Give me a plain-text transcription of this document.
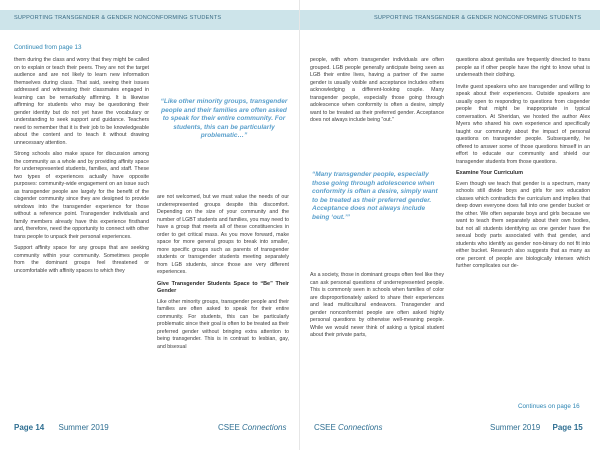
SUPPORTING TRANSGENDER & GENDER NONCONFORMING STUDENTS
Continued from page 13

them during the class and worry that they might be called on to explain or teach their peers. They are not the target audience and are not likely to learn new information themselves during class. That said, seeing their issues addressed and witnessing their classmates engaged in learning can be remarkably affirming. It is likewise affirming for students who may be questioning their gender identity but do not yet have the vocabulary or understanding to seek support and guidance. Teachers need to remember that it is their job to be knowledgeable about the content and to teach it without drawing unnecessary attention.

Strong schools also make space for discussion among the community as a whole and by providing affinity space for underrepresented students, families, and staff. These two types of experiences actually have opposite purposes: community-wide engagement on an issue such as transgender people are largely for the benefit of the cisgender community since they are designed to provide windows into the transgender experience for those without a reference point. Transgender individuals and family members already have this experience firsthand and, therefore, need the opportunity to connect with other trans people to unpack their personal experiences.

Support affinity space for any groups that are seeking community within your community. Sometimes people from the dominant groups feel threatened or uncomfortable with affinity spaces to which they

“Like other minority groups, transgender people and their families are often asked to speak for their entire community. For students, this can be particularly problematic…”

are not welcomed, but we must value the needs of our underrepresented groups despite this discomfort. Depending on the size of your community and the number of LGBT students and families, you may need to have a group that meets all of these constituencies in order to get critical mass. As you move forward, make space for more general groups to break into smaller, more specific groups such as parents of transgender students or transgender students meeting separately from LGB students, since those are very different experiences.

Give Transgender Students Space to “Be” Their Gender

Like other minority groups, transgender people and their families are often asked to speak for their entire community. For students, this can be particularly problematic since their goal is often to be treated as their preferred gender without bringing extra attention to being transgender. This is in contrast to lesbian, gay, and bisexual

Page 14 Summer 2019	CSEE Connections
SUPPORTING TRANSGENDER & GENDER NONCONFORMING STUDENTS

people, with whom transgender individuals are often grouped. LGB people generally anticipate being seen as LGB their entire lives, having a partner of the same gender is usually visible and acceptance includes others acknowledging a different-looking couple. Many transgender people, especially those going through adolescence when conformity is often a desire, simply want to be treated as their preferred gender. Acceptance does not always include being “out.”

“Many transgender people, especially those going through adolescence when conformity is often a desire, simply want to be treated as their preferred gender. Acceptance does not always include being ‘out.’”

As a society, those in dominant groups often feel like they can ask personal questions of underrepresented people. This is commonly seen in schools when families of color are disproportionately asked to share their experiences and lead multicultural endeavors. Transgender and gender nonconformist people are often asked highly personal questions by otherwise well-meaning people. While we would never think of asking a typical student about their private parts,

questions about genitalia are frequently directed to trans people as if other people have the right to know what is underneath their clothing.

Invite guest speakers who are transgender and willing to speak about their experiences. Outside speakers are usually open to responding to questions from cisgender people that might be inappropriate in typical conversation. At Sheridan, we hosted the author Alex Myers who shared his own experience and specifically taught our community about the impact of personal questions on transgender people. Subsequently, he offered to answer some of those questions himself in an effort to educate our community and shield our transgender students from those questions.

Examine Your Curriculum

Even though we teach that gender is a spectrum, many schools still divide boys and girls for sex education classes which contradicts the curriculum and implies that deep down everyone does fall into one gender bucket or the other. We often separate boys and girls because we want to teach them separately about their own bodies, but not all students identifying as one gender have the sexual body parts associated with that gender, and students who identify as gender non-binary do not fit into either bucket. Research also suggests that as many as one percent of people are biologically intersex which further complicates our de-

Continues on page 16
CSEE Connections	Summer 2019 Page 15
